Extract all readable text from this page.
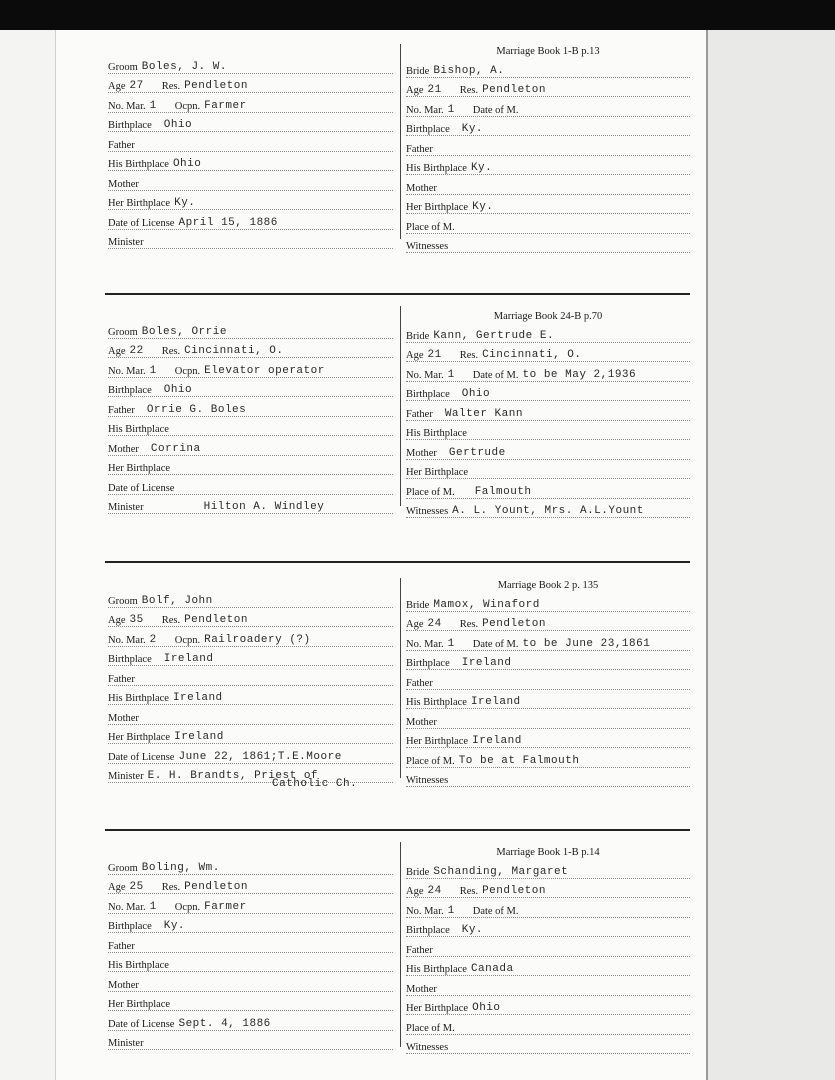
Marriage Book 1-B p.13
Groom Boles, J. W.
Age 27 Res. Pendleton
No. Mar. 1 Ocpn. Farmer
Birthplace Ohio
Father
His Birthplace Ohio
Mother
Her Birthplace Ky.
Date of License April 15, 1886
Minister
Bride Bishop, A.
Age 21 Res. Pendleton
No. Mar. 1 Date of M.
Birthplace Ky.
Father
His Birthplace Ky.
Mother
Her Birthplace Ky.
Place of M.
Witnesses
Marriage Book 24-B p.70
Groom Boles, Orrie
Age 22 Res. Cincinnati, O.
No. Mar. 1 Ocpn. Elevator operator
Birthplace Ohio
Father Orrie G. Boles
His Birthplace
Mother Corrina
Her Birthplace
Date of License
Minister	Hilton A. Windley
Bride Kann, Gertrude E.
Age 21 Res. Cincinnati, O.
No. Mar. 1 Date of M. to be May 2,1936
Birthplace Ohio
Father Walter Kann
His Birthplace
Mother Gertrude
Her Birthplace
Place of M. Falmouth
Witnesses A. L. Yount, Mrs. A.L.Yount
Marriage Book 2 p. 135
Groom Bolf, John
Age 35 Res. Pendleton
No. Mar. 2 Ocpn. Railroadery (?)
Birthplace Ireland
Father
His Birthplace Ireland
Mother
Her Birthplace Ireland
Date of License June 22, 1861;T.E.Moore
Minister E. H. Brandts, Priest of
Catholic Ch.
Bride Mamox, Winaford
Age 24 Res. Pendleton
No. Mar. 1 Date of M. to be June 23,1861
Birthplace Ireland
Father
His Birthplace Ireland
Mother
Her Birthplace Ireland
Place of M. To be at Falmouth
Witnesses
Marriage Book 1-B p.14
Groom Boling, Wm.
Age 25 Res. Pendleton
No. Mar. 1 Ocpn. Farmer
Birthplace Ky.
Father
His Birthplace
Mother
Her Birthplace
Date of License Sept. 4, 1886
Minister
Bride Schanding, Margaret
Age 24 Res. Pendleton
No. Mar. 1 Date of M.
Birthplace Ky.
Father
His Birthplace Canada
Mother
Her Birthplace Ohio
Place of M.
Witnesses
